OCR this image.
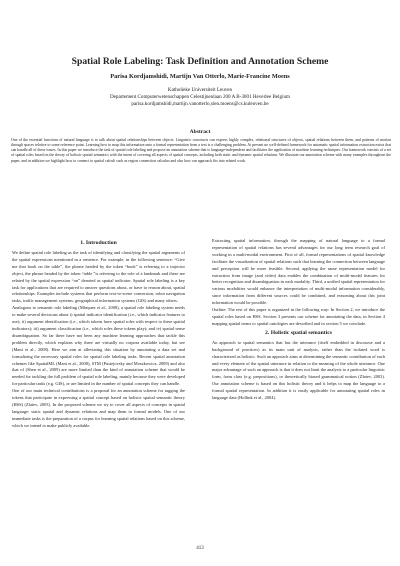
Spatial Role Labeling: Task Definition and Annotation Scheme
Parisa Kordjamshidi, Martijn Van Otterlo, Marie-Francine Moens
Katholieke Universiteit Leuven
Departement Computerwetenschappen Celestijnenlaan 200 A B-3001 Heverlee Belgium
parisa.kordjamshidi,martijn.vanotterlo,sien.moens@cs.kuleuven.be
Abstract
One of the essential functions of natural language is to talk about spatial relationships between objects. Linguistic constructs can express highly complex, relational structures of objects, spatial relations between them, and patterns of motion through spaces relative to some reference point. Learning how to map this information onto a formal representation from a text is a challenging problem. At present no well-defined framework for automatic spatial information extraction exists that can handle all of these issues. In this paper we introduce the task of spatial role labeling and propose an annotation scheme that is language-independent and facilitates the application of machine learning techniques. Our framework consists of a set of spatial roles based on the theory of holistic spatial semantics with the intent of covering all aspects of spatial concepts, including both static and dynamic spatial relations. We illustrate our annotation scheme with many examples throughout the paper, and in addition we highlight how to connect to spatial calculi such as region connection calculus and also how our approach fits into related work.
1. Introduction

We define spatial role labeling as the task of identifying and classifying the spatial arguments of the spatial expressions mentioned in a sentence. For example, in the following sentence: “Give me that book on the table”, the phrase headed by the token “book” is referring to a trajector object, the phrase headed by the token “table ”is referring to the role of a landmark and these are related by the spatial expression “on” denoted as spatial indicator. Spatial role labeling is a key task for applications that are required to answer questions about, or have to reason about, spatial relationships. Examples include systems that perform text-to-scene conversion, robot navigation tasks, traffic management systems, geographical information systems (GIS) and many others.

Analogous to semantic role labeling (Màrquez et al., 2008), a spatial role labeling system needs to make several decisions about i) spatial indicator identification (i.e., which indicator features to use); ii) argument identification (i.e., which tokens have spatial roles with respect to these spatial indicators); iii) argument classification (i.e., which roles these tokens play); and iv) spatial sense disambiguation. So far there have not been any machine learning approaches that tackle this problem directly, which explains why there are virtually no corpora available today, but see (Mani et al., 2008). Here we aim at alleviating this situation by annotating a data set and formalizing the necessary spatial roles for spatial role labeling tasks. Recent spatial annotation schemes like SpatialML (Mani et al., 2008), STM (Pustejovsky and Moszkowicz, 2009) and also that of (Shen et al., 2009) are more limited than the kind of annotation scheme that would be needed for tackling the full problem of spatial role labeling, mainly because they were developed for particular tasks (e.g. GIS), or are limited in the number of spatial concepts they can handle.

One of our main technical contributions is a proposal for an annotation scheme for tagging the tokens that participate in expressing a spatial concept based on holistic spatial semantic theory (HSS) (Zlatev, 2003). In the proposed scheme we try to cover all aspects of concepts in spatial language: static spatial and dynamic relations and map them to formal models. One of our immediate tasks is the preparation of a corpus for learning spatial relations based on this scheme, which we intend to make publicly available.

Extracting spatial information, through the mapping of natural language to a formal representation of spatial relations has several advantages for our long term research goal of working in a multi-modal environment. First of all, formal representations of spatial knowledge facilitate the visualization of spatial relations such that learning the connection between language and perception will be more feasible. Second, applying the same representation model for extraction from image (and video) data enables the combination of multi-modal features for better recognition and disambiguation in each modality. Third, a unified spatial representation for various modalities would enhance the interpretation of multi-modal information considerably, since information from different sources could be combined, and reasoning about this joint information would be possible.

Outline: The rest of this paper is organized in the following way: In Section 2, we introduce the spatial roles based on HSS. Section 3 presents our scheme for annotating the data, in Section 4 mapping spatial terms to spatial ontologies are described and in section 5 we conclude.

2. Holistic spatial semantics

An approach to spatial semantics that has the utterance (itself embedded in discourse and a background of practices) as its main unit of analysis, rather than the isolated word is characterized as holistic. Such an approach aims at determining the semantic contribution of each and every element of the spatial utterance in relation to the meaning of the whole utterance. One major advantage of such an approach is that it does not limit the analysis to a particular linguistic form, form class (e.g. prepositions), or theoretically biased grammatical notion (Zlatev, 2003). Our annotation scheme is based on this holistic theory and it helps to map the language to a formal spatial representation. In addition it is easily applicable for annotating spatial roles in language data (Hollink et al., 2004).

413
